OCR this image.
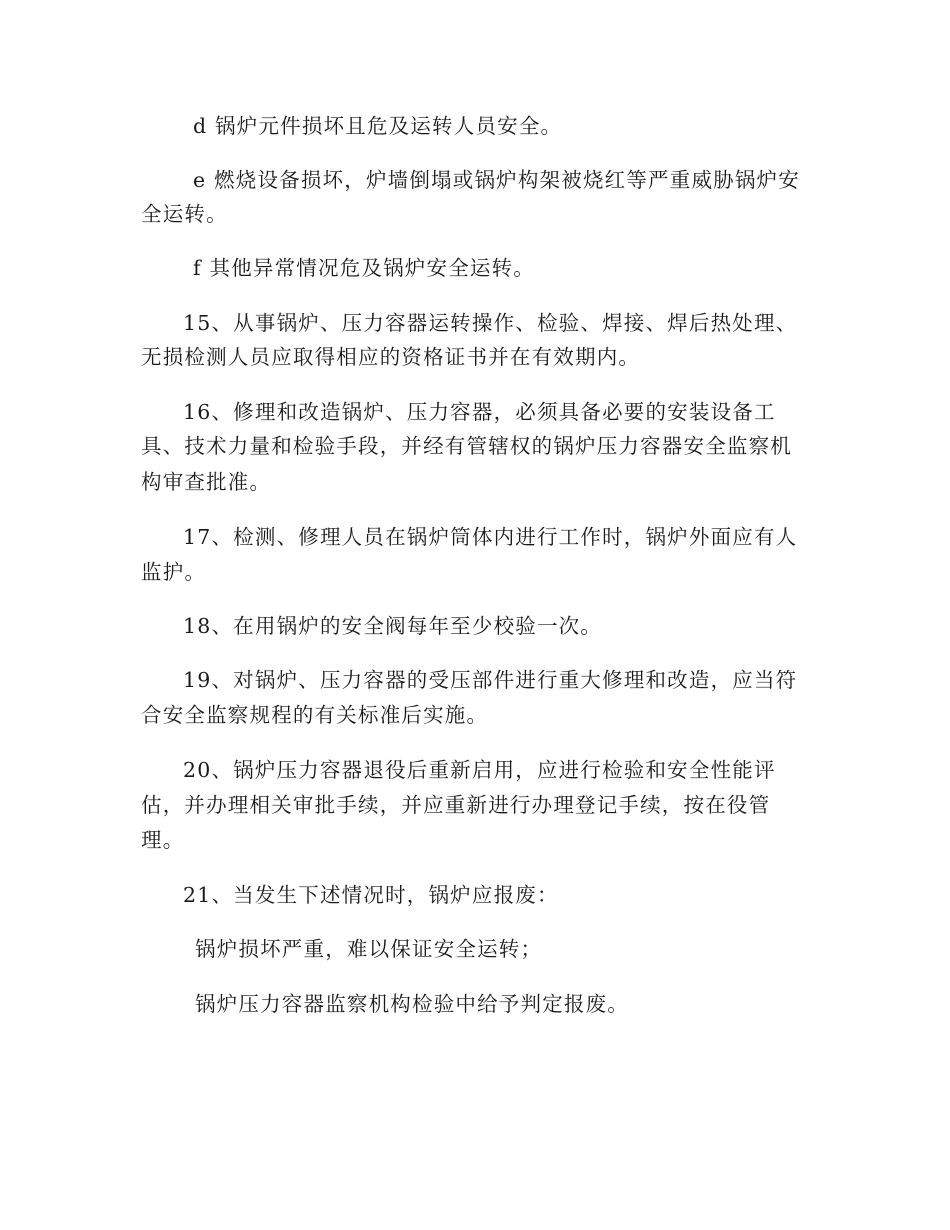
d 锅炉元件损坏且危及运转人员安全。
e 燃烧设备损坏，炉墙倒塌或锅炉构架被烧红等严重威胁锅炉安
全运转。
f 其他异常情况危及锅炉安全运转。
15、从事锅炉、压力容器运转操作、检验、焊接、焊后热处理、
无损检测人员应取得相应的资格证书并在有效期内。
16、修理和改造锅炉、压力容器，必须具备必要的安装设备工
具、技术力量和检验手段，并经有管辖权的锅炉压力容器安全监察机
构审查批准。
17、检测、修理人员在锅炉筒体内进行工作时，锅炉外面应有人
监护。
18、在用锅炉的安全阀每年至少校验一次。
19、对锅炉、压力容器的受压部件进行重大修理和改造，应当符
合安全监察规程的有关标准后实施。
20、锅炉压力容器退役后重新启用，应进行检验和安全性能评
估，并办理相关审批手续，并应重新进行办理登记手续，按在役管
理。
21、当发生下述情况时，锅炉应报废：
锅炉损坏严重，难以保证安全运转；
锅炉压力容器监察机构检验中给予判定报废。
